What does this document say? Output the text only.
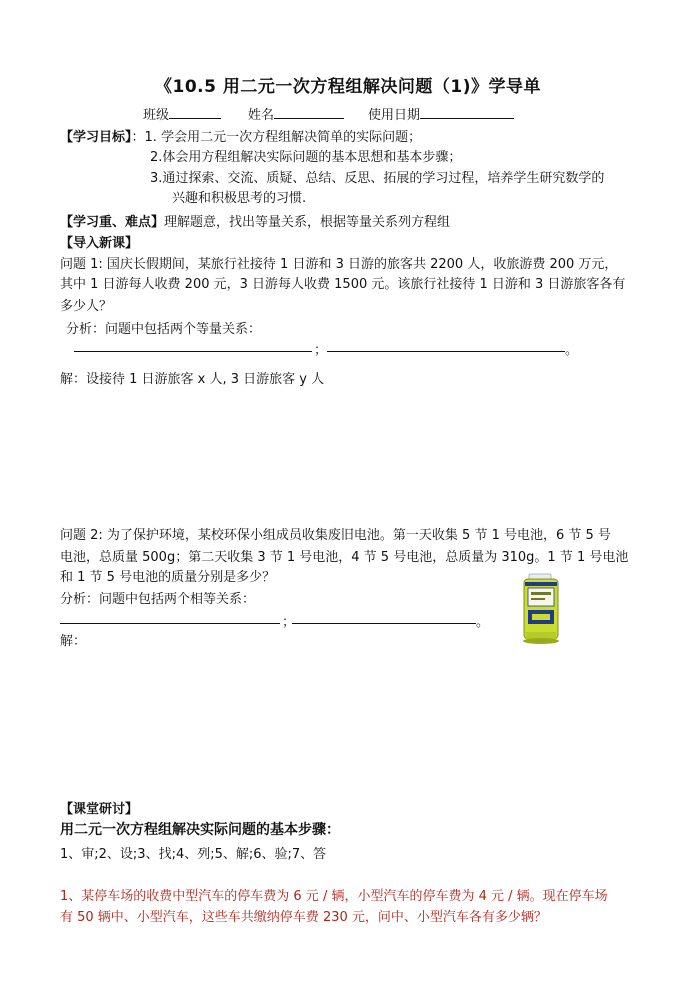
《10.5 用二元一次方程组解决问题（1)》学导单
班级	姓名	使用日期
【学习目标】：1. 学会用二元一次方程组解决简单的实际问题；
2.体会用方程组解决实际问题的基本思想和基本步骤；
3.通过探索、交流、质疑、总结、反思、拓展的学习过程，培养学生研究数学的
兴趣和积极思考的习惯.
【学习重、难点】理解题意，找出等量关系，根据等量关系列方程组
【导入新课】
问题 1: 国庆长假期间，某旅行社接待 1 日游和 3 日游的旅客共 2200 人，收旅游费 200 万元，
其中 1 日游每人收费 200 元，3 日游每人收费 1500 元。该旅行社接待 1 日游和 3 日游旅客各有
多少人？
分析：问题中包括两个等量关系：
；	。
解：设接待 1 日游旅客 x 人, 3 日游旅客 y 人
问题 2: 为了保护环境，某校环保小组成员收集废旧电池。第一天收集 5 节 1 号电池，6 节 5 号
电池，总质量 500g；第二天收集 3 节 1 号电池，4 节 5 号电池，总质量为 310g。1 节 1 号电池
和 1 节 5 号电池的质量分别是多少？
分析：问题中包括两个相等关系：
；	。
解：
【课堂研讨】
用二元一次方程组解决实际问题的基本步骤：
1、审;2、设;3、找;4、列;5、解;6、验;7、答
1、某停车场的收费中型汽车的停车费为 6 元 / 辆，小型汽车的停车费为 4 元 / 辆。现在停车场
有 50 辆中、小型汽车，这些车共缴纳停车费 230 元，问中、小型汽车各有多少辆？
